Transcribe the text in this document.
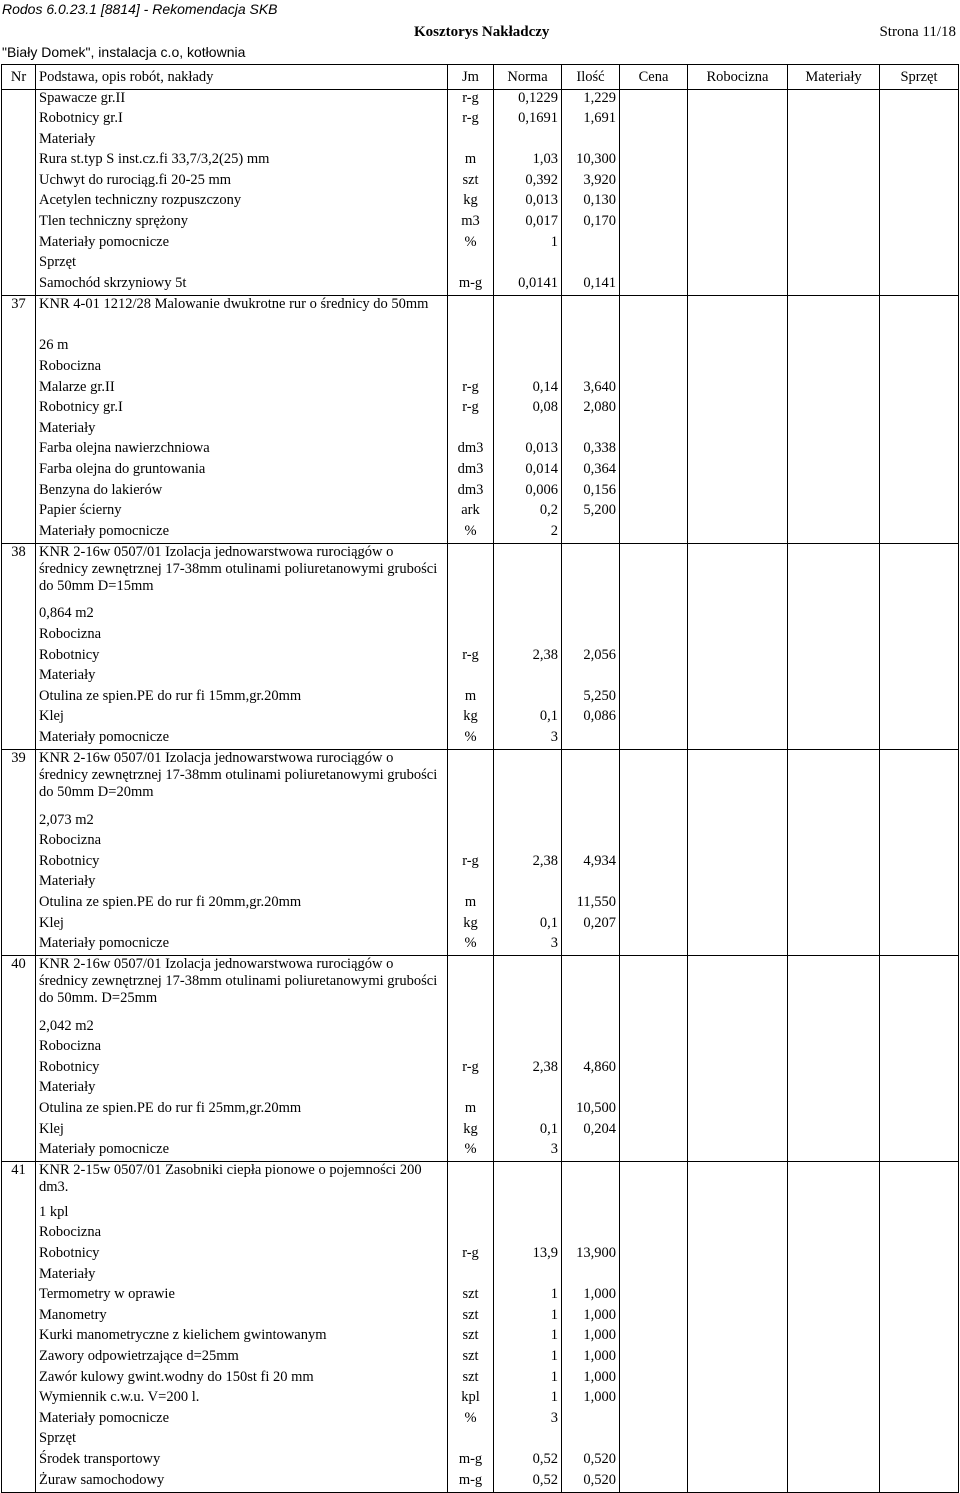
Rodos 6.0.23.1 [8814] - Rekomendacja SKB
Kosztorys Nakładczy	Strona 11/18
"Biały Domek", instalacja c.o, kotłownia
Nr	Podstawa, opis robót, nakłady	Jm	Norma	Ilość	Cena	Robocizna	Materiały	Sprzęt
	Spawacze gr.II	r-g	0,1229	1,229				
	Robotnicy gr.I	r-g	0,1691	1,691				
	Materiały							
	Rura st.typ S inst.cz.fi 33,7/3,2(25) mm	m	1,03	10,300				
	Uchwyt do rurociąg.fi 20-25 mm	szt	0,392	3,920				
	Acetylen techniczny rozpuszczony	kg	0,013	0,130				
	Tlen techniczny sprężony	m3	0,017	0,170				
	Materiały pomocnicze	%	1					
	Sprzęt							
	Samochód skrzyniowy 5t	m-g	0,0141	0,141				
37	KNR 4-01 1212/28 Malowanie dwukrotne rur o średnicy do 50mm							
	26 m							
	Robocizna							
	Malarze gr.II	r-g	0,14	3,640				
	Robotnicy gr.I	r-g	0,08	2,080				
	Materiały							
	Farba olejna nawierzchniowa	dm3	0,013	0,338				
	Farba olejna do gruntowania	dm3	0,014	0,364				
	Benzyna do lakierów	dm3	0,006	0,156				
	Papier ścierny	ark	0,2	5,200				
	Materiały pomocnicze	%	2					
38	KNR 2-16w 0507/01 Izolacja jednowarstwowa rurociągów o średnicy zewnętrznej 17-38mm otulinami poliuretanowymi grubości do 50mm D=15mm							
	0,864 m2							
	Robocizna							
	Robotnicy	r-g	2,38	2,056				
	Materiały							
	Otulina ze spien.PE do rur fi 15mm,gr.20mm	m		5,250				
	Klej	kg	0,1	0,086				
	Materiały pomocnicze	%	3					
39	KNR 2-16w 0507/01 Izolacja jednowarstwowa rurociągów o średnicy zewnętrznej 17-38mm otulinami poliuretanowymi grubości do 50mm D=20mm							
	2,073 m2							
	Robocizna							
	Robotnicy	r-g	2,38	4,934				
	Materiały							
	Otulina ze spien.PE do rur fi 20mm,gr.20mm	m		11,550				
	Klej	kg	0,1	0,207				
	Materiały pomocnicze	%	3					
40	KNR 2-16w 0507/01 Izolacja jednowarstwowa rurociągów o średnicy zewnętrznej 17-38mm otulinami poliuretanowymi grubości do 50mm. D=25mm							
	2,042 m2							
	Robocizna							
	Robotnicy	r-g	2,38	4,860				
	Materiały							
	Otulina ze spien.PE do rur fi 25mm,gr.20mm	m		10,500				
	Klej	kg	0,1	0,204				
	Materiały pomocnicze	%	3					
41	KNR 2-15w 0507/01 Zasobniki ciepła pionowe o pojemności 200 dm3.							
	1 kpl							
	Robocizna							
	Robotnicy	r-g	13,9	13,900				
	Materiały							
	Termometry w oprawie	szt	1	1,000				
	Manometry	szt	1	1,000				
	Kurki manometryczne z kielichem gwintowanym	szt	1	1,000				
	Zawory odpowietrzające d=25mm	szt	1	1,000				
	Zawór kulowy gwint.wodny do 150st fi 20 mm	szt	1	1,000				
	Wymiennik c.w.u. V=200 l.	kpl	1	1,000				
	Materiały pomocnicze	%	3					
	Sprzęt							
	Środek transportowy	m-g	0,52	0,520				
	Żuraw samochodowy	m-g	0,52	0,520				
